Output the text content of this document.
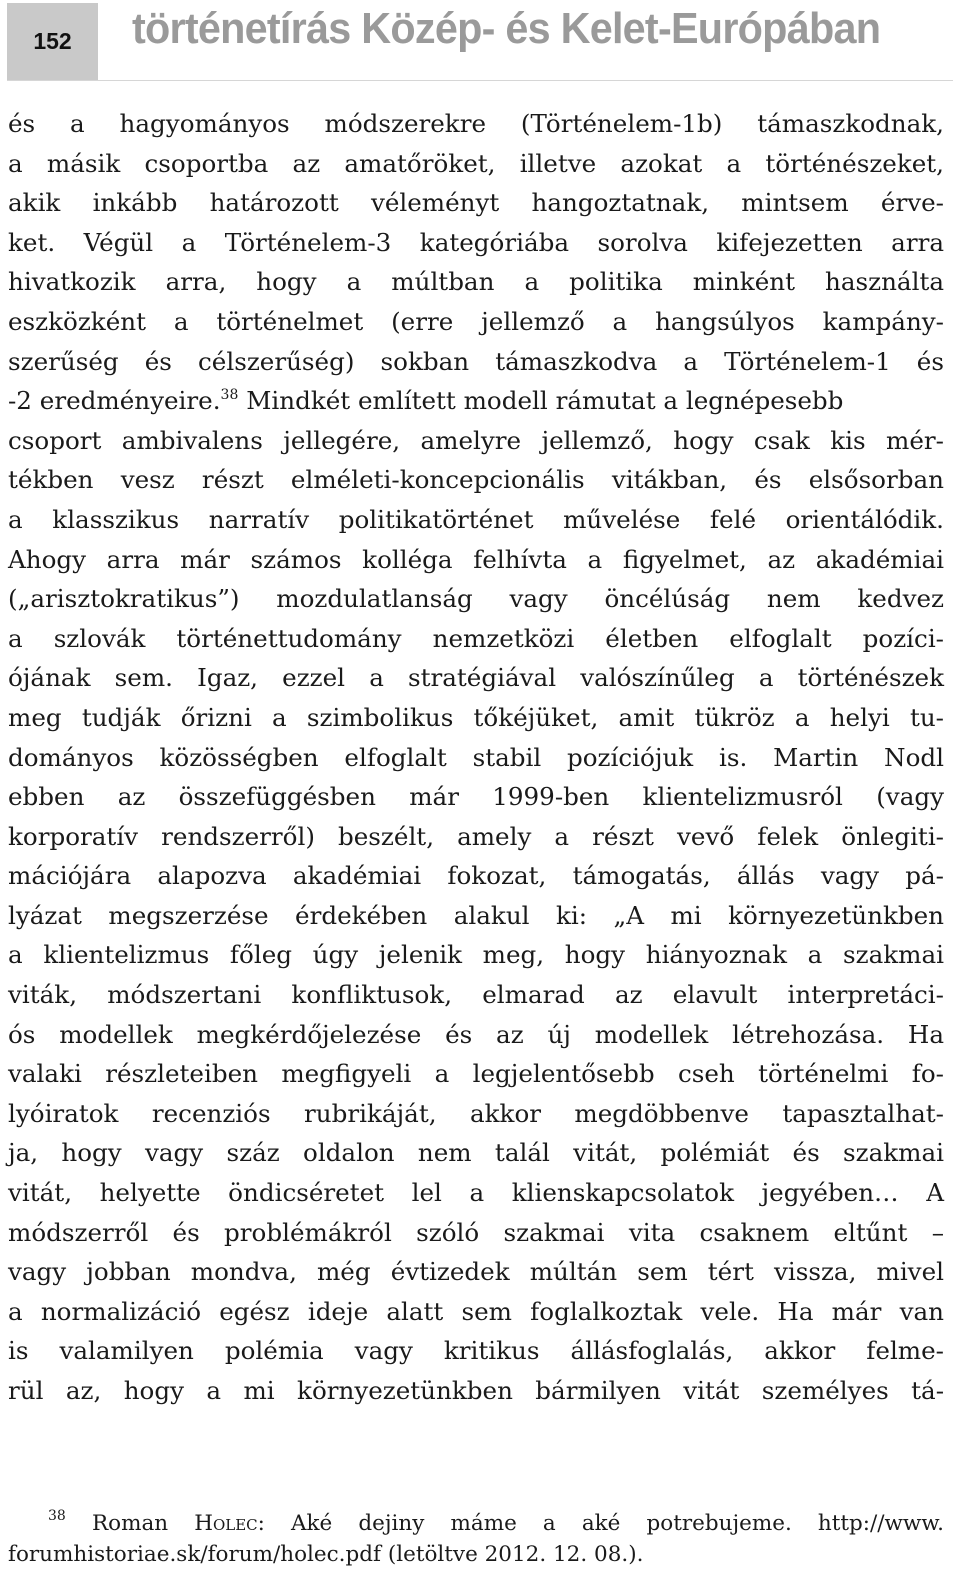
152 történetírás Közép- és Kelet-Európában
és a hagyományos módszerekre (Történelem-1b) támaszkodnak,
a másik csoportba az amatőröket, illetve azokat a történészeket,
akik inkább határozott véleményt hangoztatnak, mintsem érve-
ket. Végül a Történelem-3 kategóriába sorolva kifejezetten arra
hivatkozik arra, hogy a múltban a politika minként használta
eszközként a történelmet (erre jellemző a hangsúlyos kampány-
szerűség és célszerűség) sokban támaszkodva a Történelem-1 és
-2 eredményeire.$^{38}$ Mindkét említett modell rámutat a legnépesebb
csoport ambivalens jellegére, amelyre jellemző, hogy csak kis mér-
tékben vesz részt elméleti-koncepcionális vitákban, és elsősorban
a klasszikus narratív politikatörténet művelése felé orientálódik.
Ahogy arra már számos kolléga felhívta a figyelmet, az akadémiai
(„arisztokratikus”) mozdulatlanság vagy öncélúság nem kedvez
a szlovák történettudomány nemzetközi életben elfoglalt pozíci-
ójának sem. Igaz, ezzel a stratégiával valószínűleg a történészek
meg tudják őrizni a szimbolikus tőkéjüket, amit tükröz a helyi tu-
dományos közösségben elfoglalt stabil pozíciójuk is. Martin Nodl
ebben az összefüggésben már 1999-ben klientelizmusról (vagy
korporatív rendszerről) beszélt, amely a részt vevő felek önlegiti-
mációjára alapozva akadémiai fokozat, támogatás, állás vagy pá-
lyázat megszerzése érdekében alakul ki: „A mi környezetünkben
a klientelizmus főleg úgy jelenik meg, hogy hiányoznak a szakmai
viták, módszertani konfliktusok, elmarad az elavult interpretáci-
ós modellek megkérdőjelezése és az új modellek létrehozása. Ha
valaki részleteiben megfigyeli a legjelentősebb cseh történelmi fo-
lyóiratok recenziós rubrikáját, akkor megdöbbenve tapasztalhat-
ja, hogy vagy száz oldalon nem talál vitát, polémiát és szakmai
vitát, helyette öndicséretet lel a klienskapcsolatok jegyében… A
módszerről és problémákról szóló szakmai vita csaknem eltűnt –
vagy jobban mondva, még évtizedek múltán sem tért vissza, mivel
a normalizáció egész ideje alatt sem foglalkoztak vele. Ha már van
is valamilyen polémia vagy kritikus állásfoglalás, akkor felme-
rül az, hogy a mi környezetünkben bármilyen vitát személyes tá-
$^{38}$ Roman Holec: Aké dejiny máme a aké potrebujeme. http://www.
forumhistoriae.sk/forum/holec.pdf (letöltve 2012. 12. 08.).
